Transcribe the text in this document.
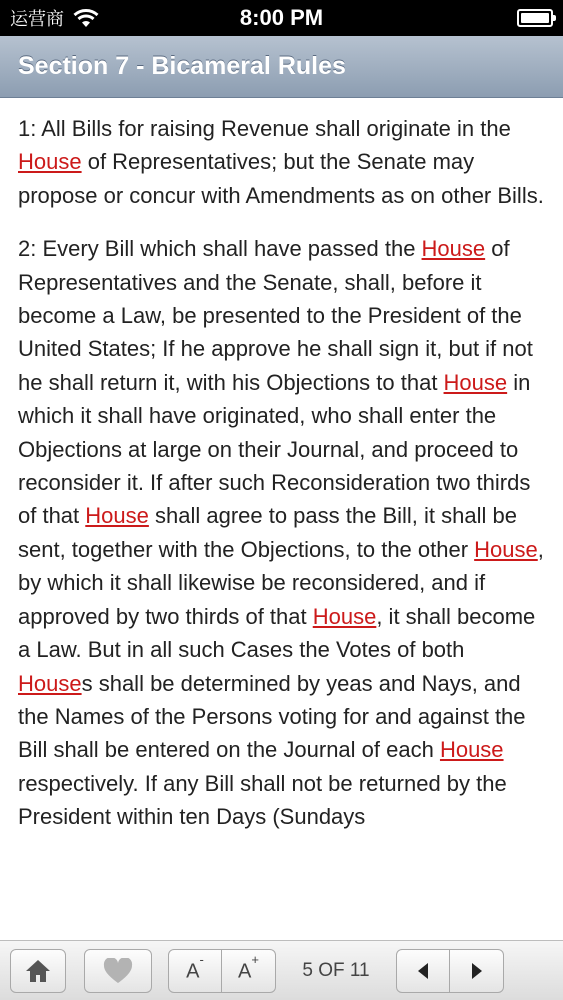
运营商	8:00 PM
Section 7 - Bicameral Rules

1: All Bills for raising Revenue shall originate in the House of Representatives; but the Senate may propose or concur with Amendments as on other Bills.

2: Every Bill which shall have passed the House of Representatives and the Senate, shall, before it become a Law, be presented to the President of the United States; If he approve he shall sign it, but if not he shall return it, with his Objections to that House in which it shall have originated, who shall enter the Objections at large on their Journal, and proceed to reconsider it. If after such Reconsideration two thirds of that House shall agree to pass the Bill, it shall be sent, together with the Objections, to the other House, by which it shall likewise be reconsidered, and if approved by two thirds of that House, it shall become a Law. But in all such Cases the Votes of both Houses shall be determined by yeas and Nays, and the Names of the Persons voting for and against the Bill shall be entered on the Journal of each House respectively. If any Bill shall not be returned by the President within ten Days (Sundays

A-
A+
5 OF 11
